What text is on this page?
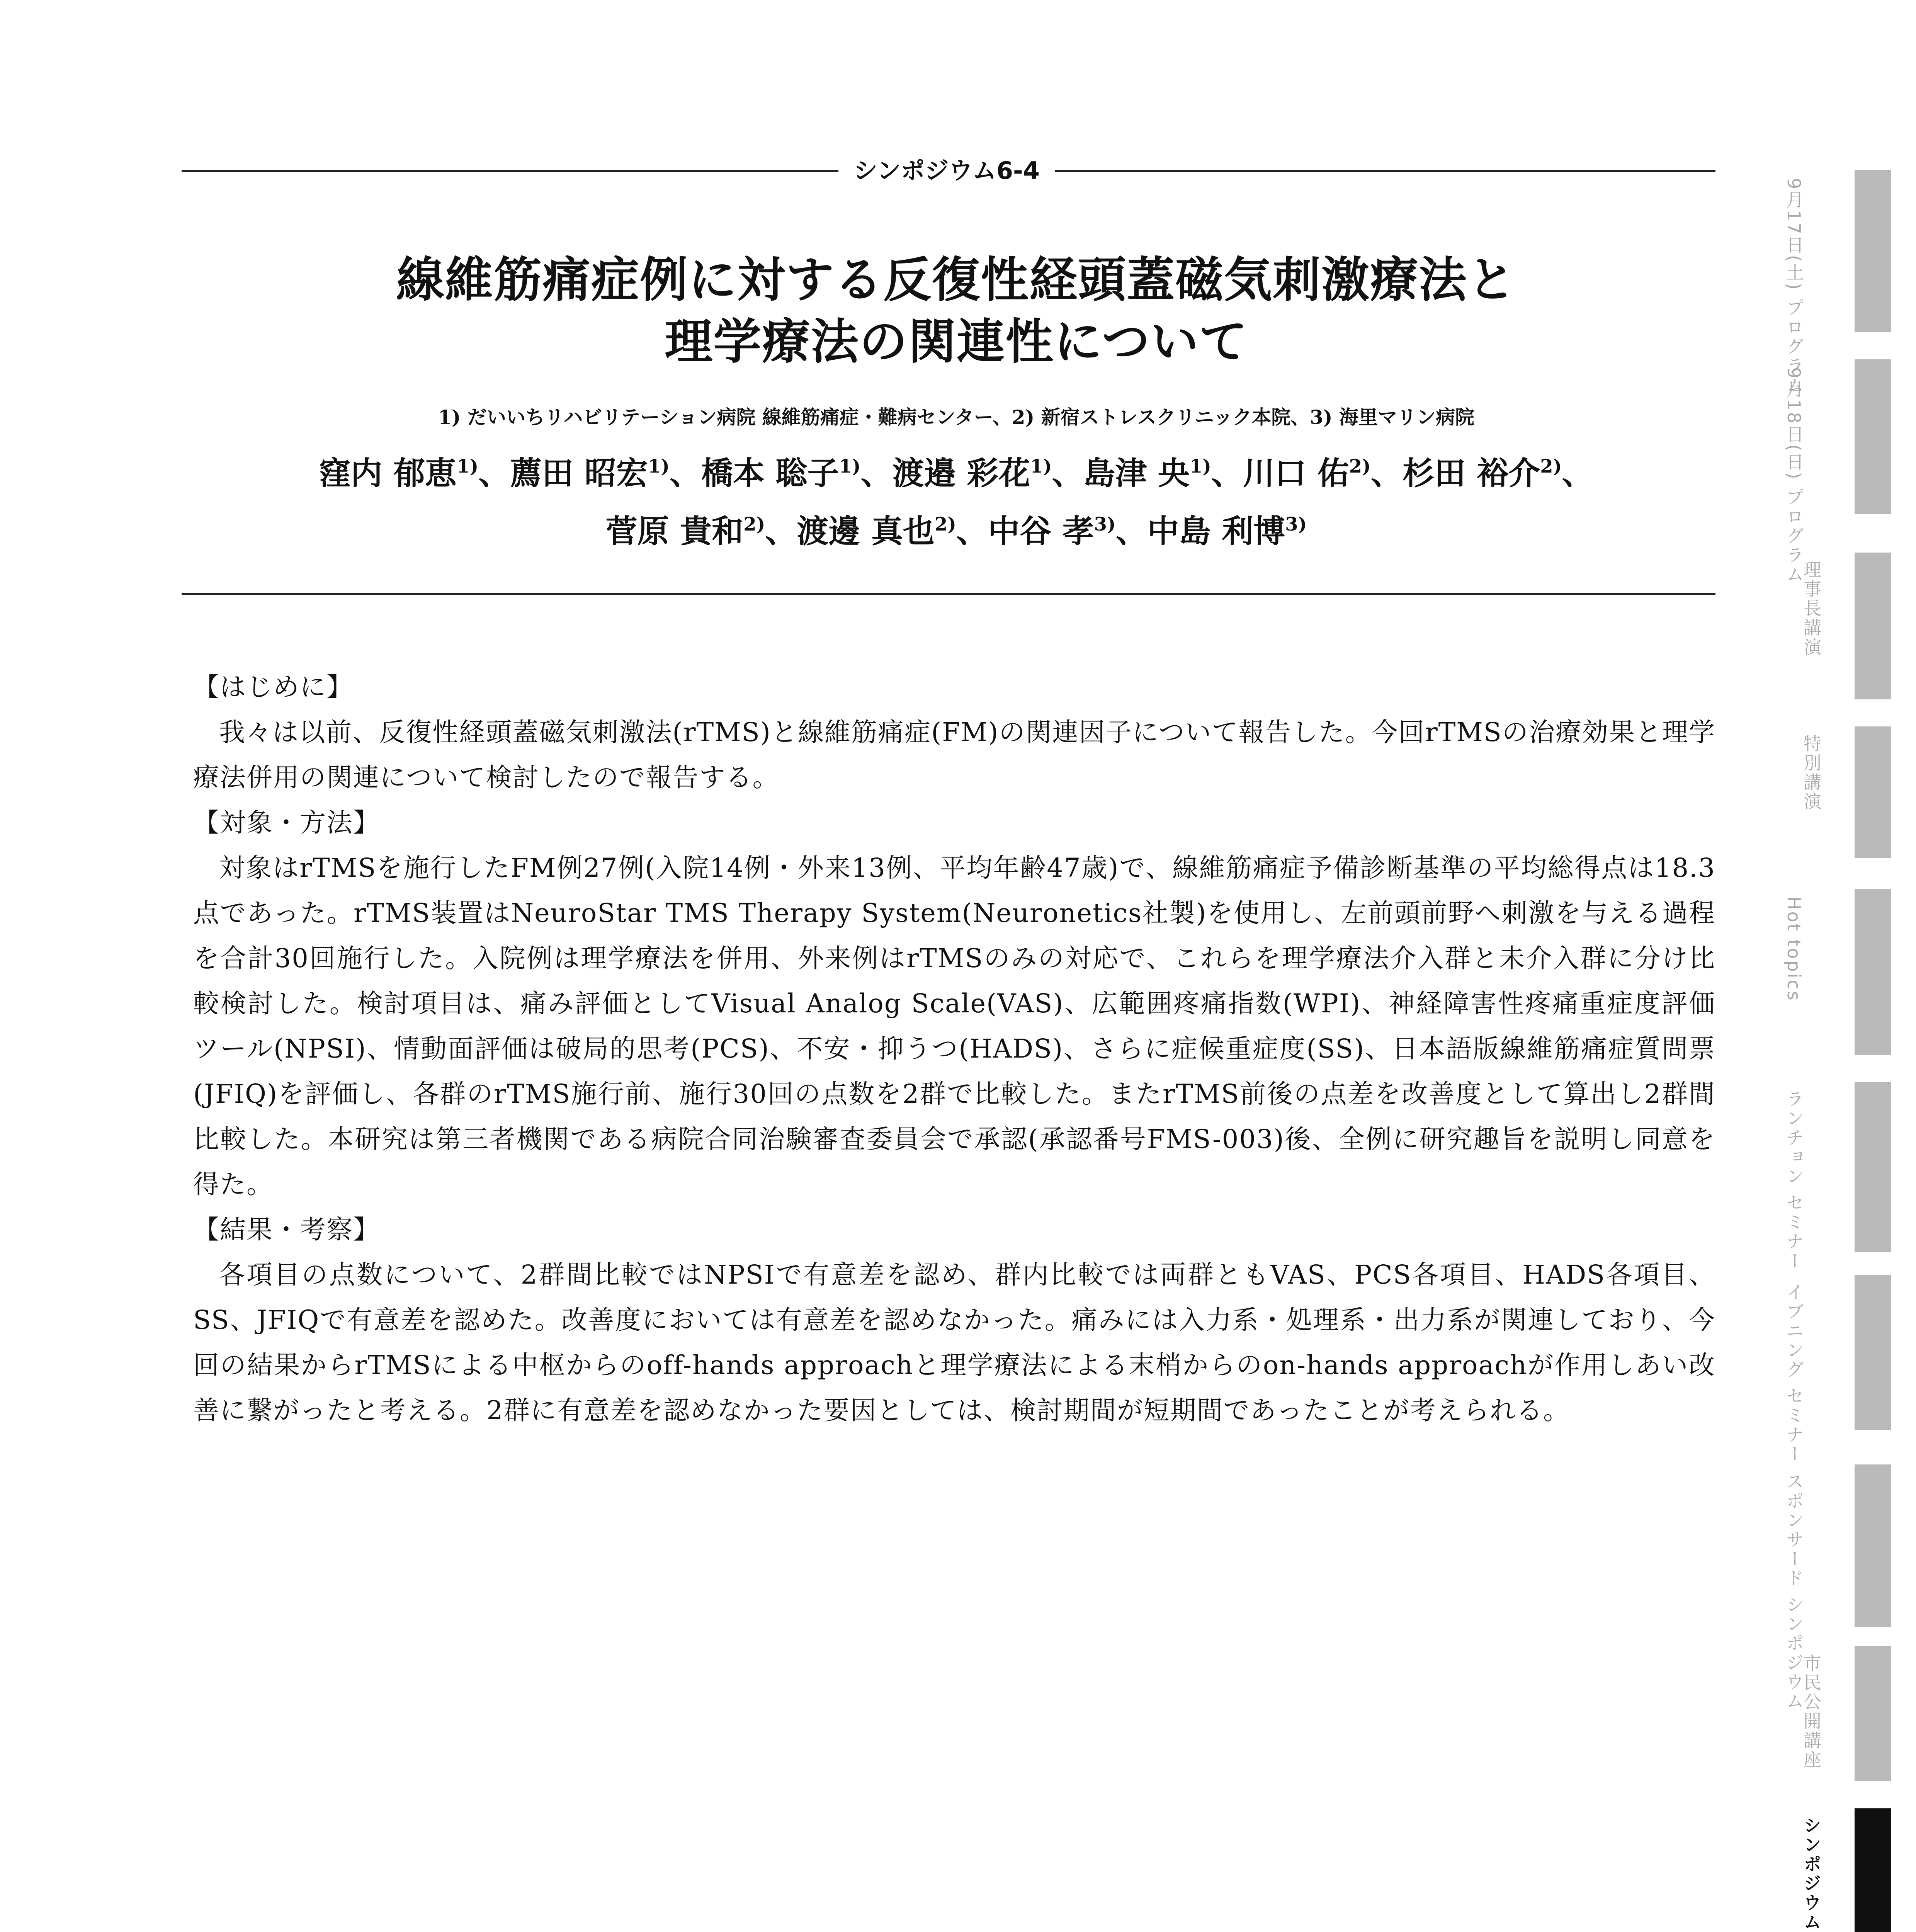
シンポジウム6-4
線維筋痛症例に対する反復性経頭蓋磁気刺激療法と
理学療法の関連性について
1) だいいちリハビリテーション病院 線維筋痛症・難病センター、2) 新宿ストレスクリニック本院、3) 海里マリン病院
窪内 郁恵$^{1)}$、薦田 昭宏$^{1)}$、橋本 聡子$^{1)}$、渡邉 彩花$^{1)}$、島津 央$^{1)}$、川口 佑$^{2)}$、杉田 裕介$^{2)}$、
菅原 貴和$^{2)}$、渡邊 真也$^{2)}$、中谷 孝$^{3)}$、中島 利博$^{3)}$
【はじめに】

我々は以前、反復性経頭蓋磁気刺激法(rTMS)と線維筋痛症(FM)の関連因子について報告した。今回rTMSの治療効果と理学療法併用の関連について検討したので報告する。

【対象・方法】

対象はrTMSを施行したFM例27例(入院14例・外来13例、平均年齢47歳)で、線維筋痛症予備診断基準の平均総得点は18.3点であった。rTMS装置はNeuroStar TMS Therapy System(Neuronetics社製)を使用し、左前頭前野へ刺激を与える過程を合計30回施行した。入院例は理学療法を併用、外来例はrTMSのみの対応で、これらを理学療法介入群と未介入群に分け比較検討した。検討項目は、痛み評価としてVisual Analog Scale(VAS)、広範囲疼痛指数(WPI)、神経障害性疼痛重症度評価ツール(NPSI)、情動面評価は破局的思考(PCS)、不安・抑うつ(HADS)、さらに症候重症度(SS)、日本語版線維筋痛症質問票(JFIQ)を評価し、各群のrTMS施行前、施行30回の点数を2群で比較した。またrTMS前後の点差を改善度として算出し2群間比較した。本研究は第三者機関である病院合同治験審査委員会で承認(承認番号FMS-003)後、全例に研究趣旨を説明し同意を得た。

【結果・考察】

各項目の点数について、2群間比較ではNPSIで有意差を認め、群内比較では両群ともVAS、PCS各項目、HADS各項目、SS、JFIQで有意差を認めた。改善度においては有意差を認めなかった。痛みには入力系・処理系・出力系が関連しており、今回の結果からrTMSによる中枢からのoff-hands approachと理学療法による末梢からのon-hands approachが作用しあい改善に繋がったと考える。2群に有意差を認めなかった要因としては、検討期間が短期間であったことが考えられる。

9月17日(土) プログラム
9月18日(日) プログラム
理事長講演
特別講演
Hot topics
ランチョン セミナー
イブニング セミナー
スポンサード シンポジウム
市民公開講座
シンポジウム
